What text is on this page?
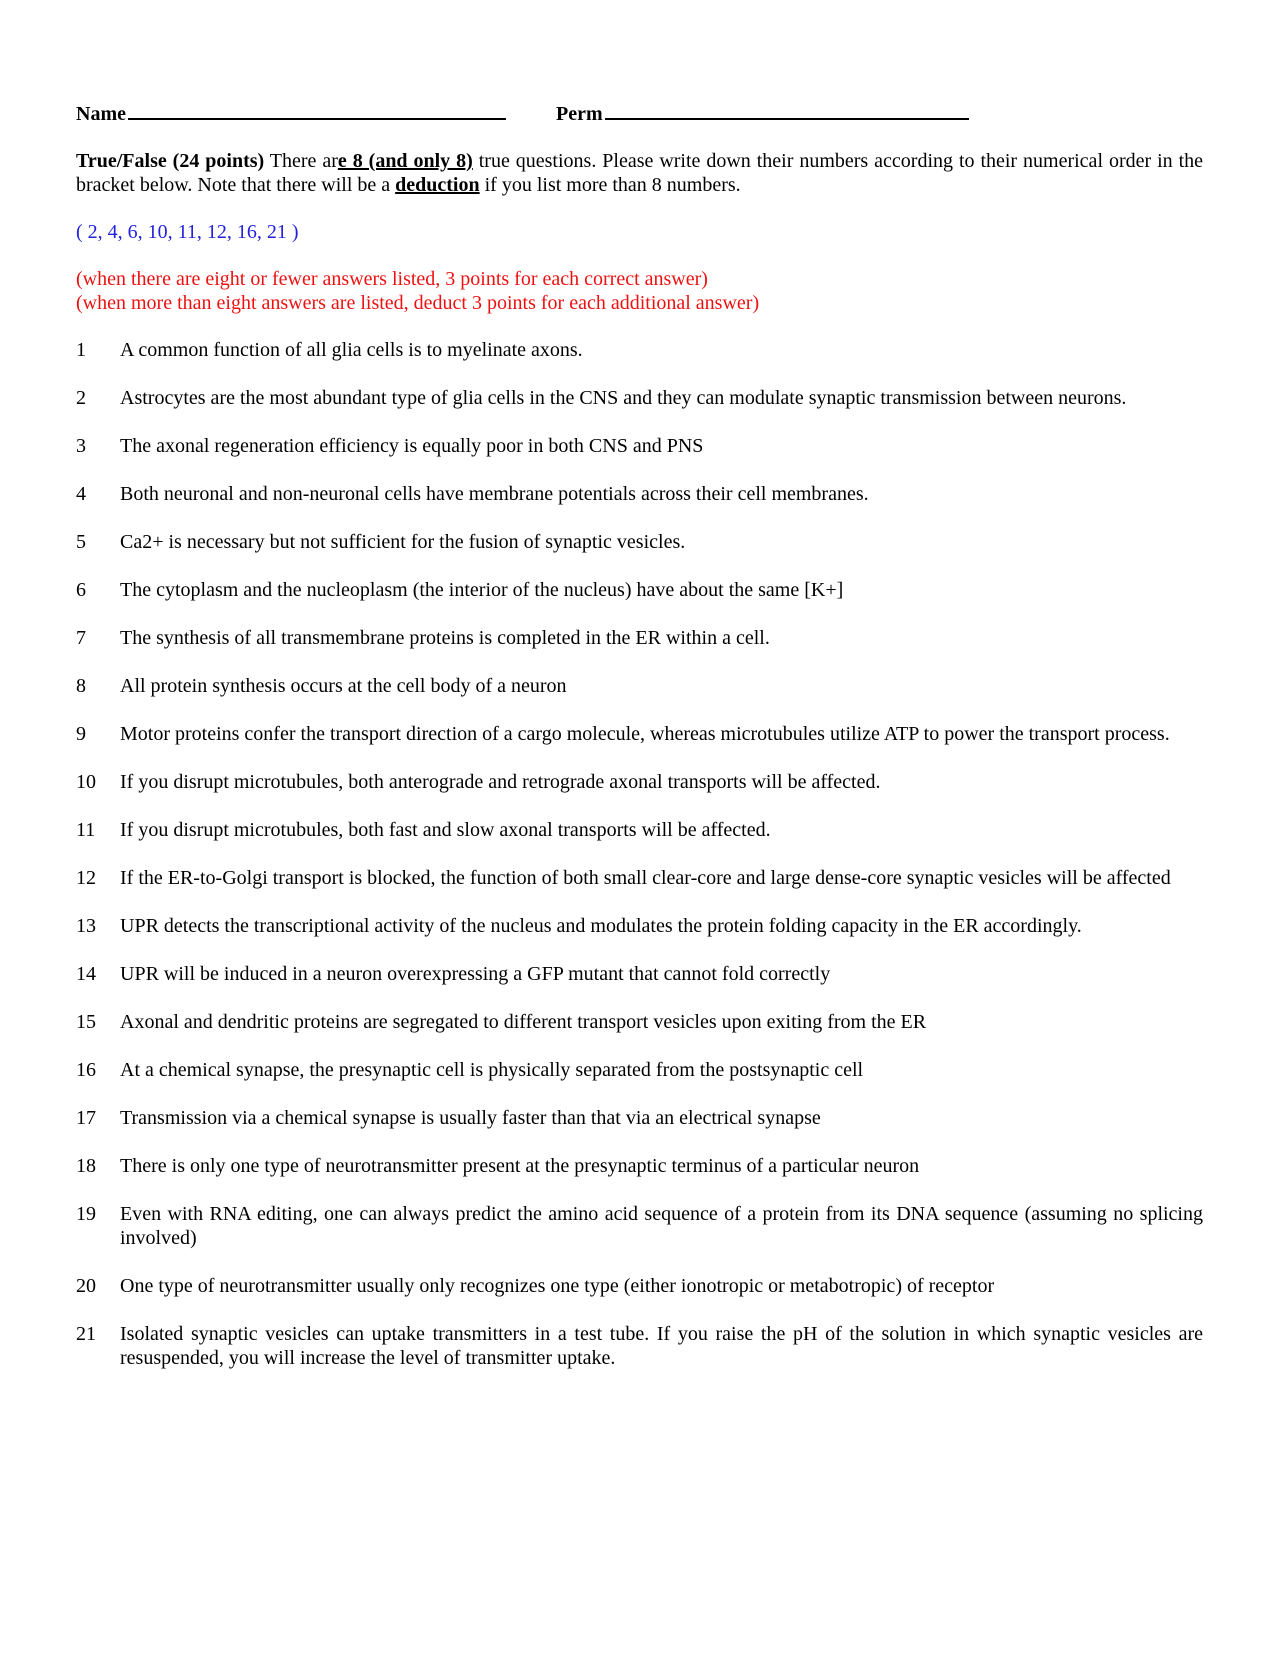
Name	Perm
True/False (24 points) There are 8 (and only 8) true questions. Please write down their numbers according to their numerical order in the bracket below. Note that there will be a deduction if you list more than 8 numbers.
( 2, 4, 6, 10, 11, 12, 16, 21 )
(when there are eight or fewer answers listed, 3 points for each correct answer)
(when more than eight answers are listed, deduct 3 points for each additional answer)
1	A common function of all glia cells is to myelinate axons.
2	Astrocytes are the most abundant type of glia cells in the CNS and they can modulate synaptic transmission between neurons.
3	The axonal regeneration efficiency is equally poor in both CNS and PNS
4	Both neuronal and non-neuronal cells have membrane potentials across their cell membranes.
5	Ca2+ is necessary but not sufficient for the fusion of synaptic vesicles.
6	The cytoplasm and the nucleoplasm (the interior of the nucleus) have about the same [K+]
7	The synthesis of all transmembrane proteins is completed in the ER within a cell.
8	All protein synthesis occurs at the cell body of a neuron
9	Motor proteins confer the transport direction of a cargo molecule, whereas microtubules utilize ATP to power the transport process.
10	If you disrupt microtubules, both anterograde and retrograde axonal transports will be affected.
11	If you disrupt microtubules, both fast and slow axonal transports will be affected.
12	If the ER-to-Golgi transport is blocked, the function of both small clear-core and large dense-core synaptic vesicles will be affected
13	UPR detects the transcriptional activity of the nucleus and modulates the protein folding capacity in the ER accordingly.
14	UPR will be induced in a neuron overexpressing a GFP mutant that cannot fold correctly
15	Axonal and dendritic proteins are segregated to different transport vesicles upon exiting from the ER
16	At a chemical synapse, the presynaptic cell is physically separated from the postsynaptic cell
17	Transmission via a chemical synapse is usually faster than that via an electrical synapse
18	There is only one type of neurotransmitter present at the presynaptic terminus of a particular neuron
19	Even with RNA editing, one can always predict the amino acid sequence of a protein from its DNA sequence (assuming no splicing involved)
20	One type of neurotransmitter usually only recognizes one type (either ionotropic or metabotropic) of receptor
21	Isolated synaptic vesicles can uptake transmitters in a test tube. If you raise the pH of the solution in which synaptic vesicles are resuspended, you will increase the level of transmitter uptake.
